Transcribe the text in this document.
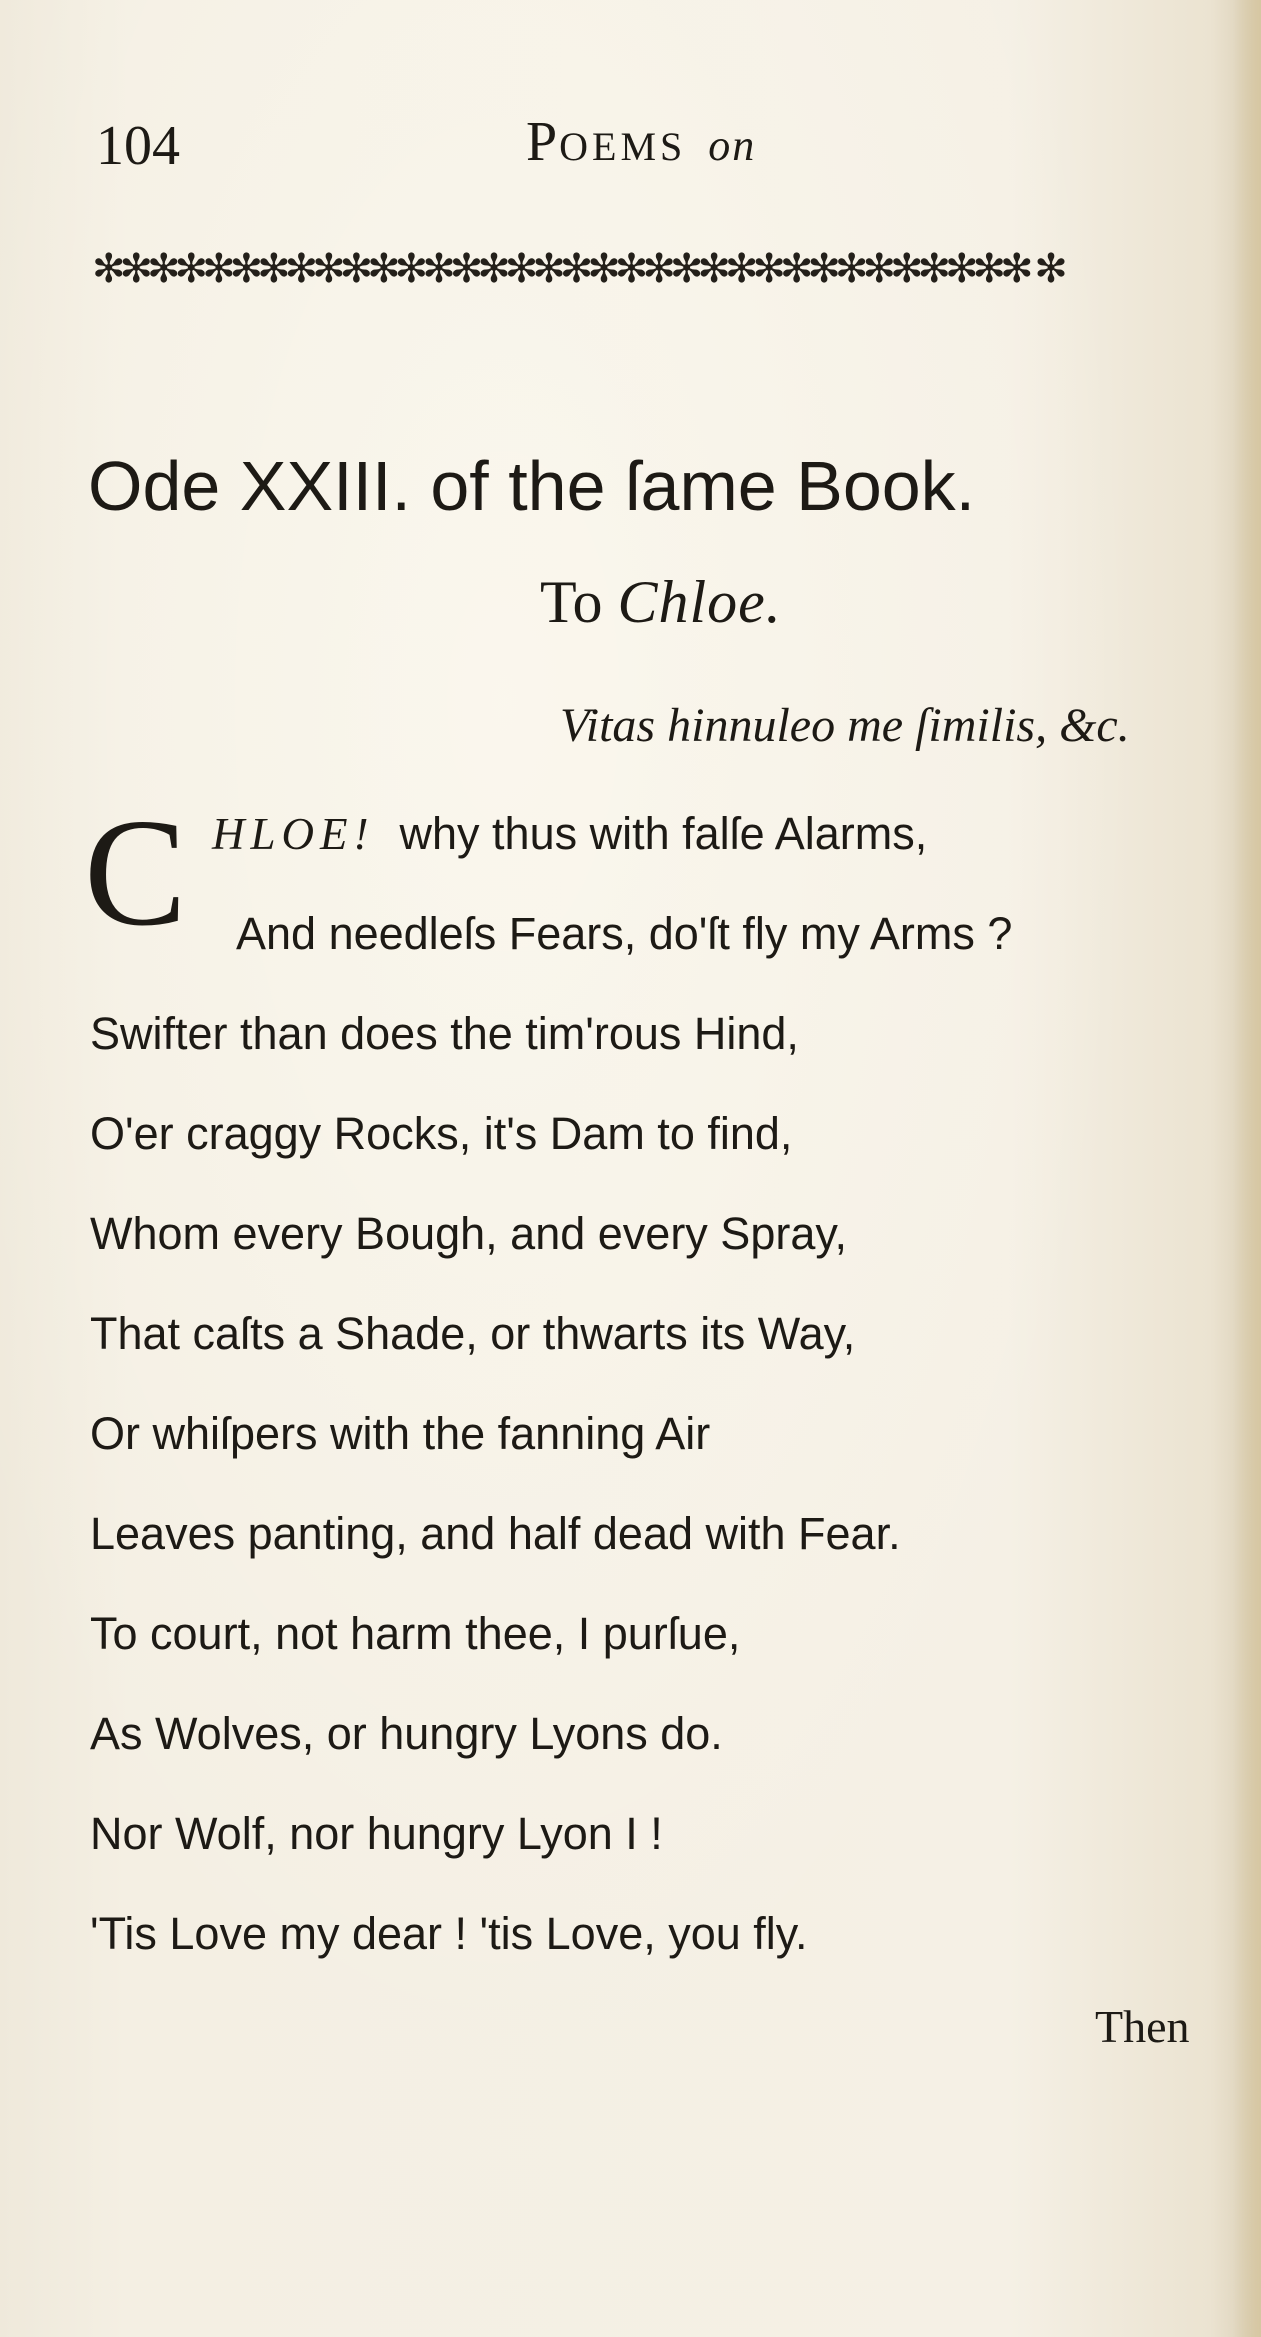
104	POEMS on
✻✻✻✻✻✻✻✻✻✻✻✻✻✻✻✻✻✻✻✻✻✻✻✻✻✻✻✻✻✻✻✻✻✻ ✻
Ode XXIII. of the ſame Book.
To Chloe.
Vitas hinnuleo me ſimilis, &c.
C HLOE! why thus with falſe Alarms,
And needleſs Fears, do'ſt fly my Arms ?
Swifter than does the tim'rous Hind,
O'er craggy Rocks, it's Dam to find,
Whom every Bough, and every Spray,
That caſts a Shade, or thwarts its Way,
Or whiſpers with the fanning Air
Leaves panting, and half dead with Fear.
To court, not harm thee, I purſue,
As Wolves, or hungry Lyons do.
Nor Wolf, nor hungry Lyon I !
'Tis Love my dear ! 'tis Love, you fly.
Then
